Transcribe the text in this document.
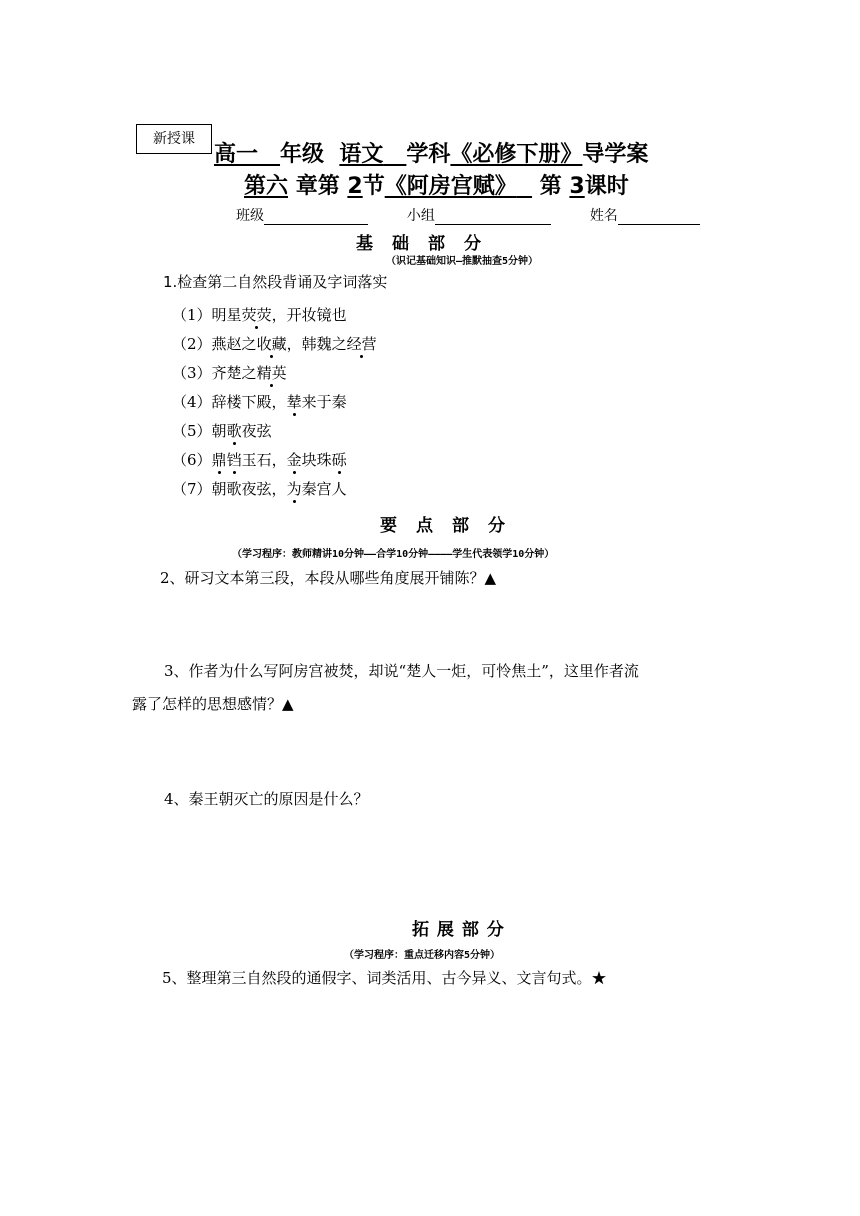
新授课
高一　 年级 语文 学科《必修下册》导学案
第六 章第 2节《阿房宫赋》 第 3课时
班级	小组	姓名
基　础　部　分
（识记基础知识—推默抽查5分钟）
1.检查第二自然段背诵及字词落实
（1）明星荧荧，开妆镜也
（2）燕赵之收藏，韩魏之经营
（3）齐楚之精英
（4）辞楼下殿，辇来于秦
（5）朝歌夜弦
（6）鼎铛玉石，金块珠砾
（7）朝歌夜弦，为秦宫人
要　点　部　分
（学习程序：教师精讲10分钟——合学10分钟————学生代表领学10分钟）
2、研习文本第三段，本段从哪些角度展开铺陈？▲
3、作者为什么写阿房宫被焚，却说“楚人一炬，可怜焦土”，这里作者流
露了怎样的思想感情？▲
4、秦王朝灭亡的原因是什么？
拓 展 部 分
（学习程序：重点迁移内容5分钟）
5、整理第三自然段的通假字、词类活用、古今异义、文言句式。★
